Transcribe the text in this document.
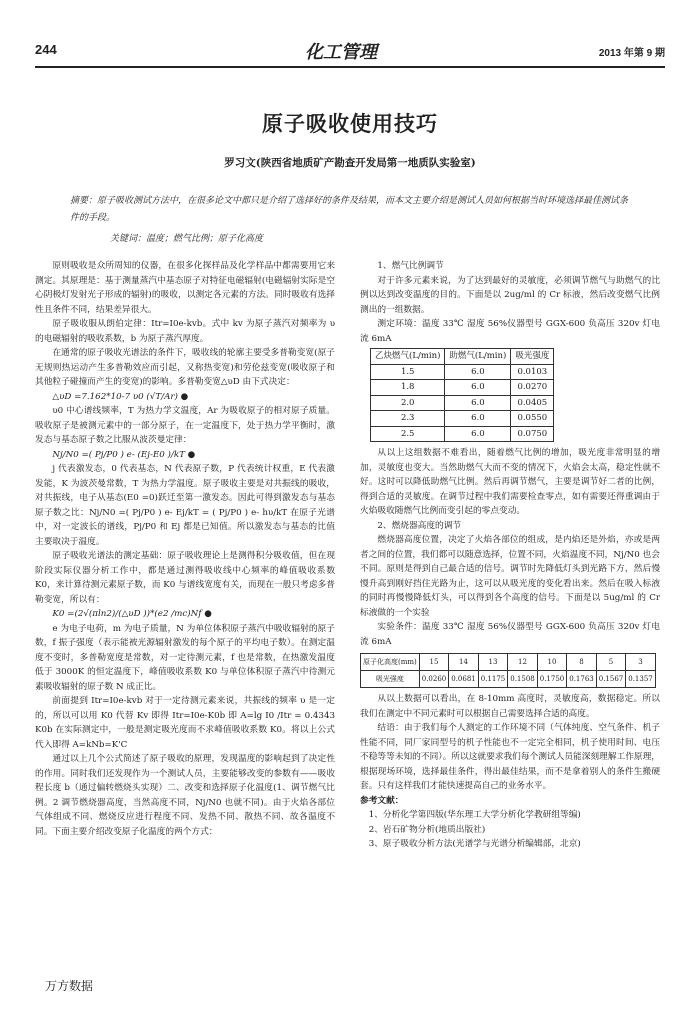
244	化工管理	2013 年第 9 期
原子吸收使用技巧
罗习文(陕西省地质矿产勘查开发局第一地质队实验室)
摘要：原子吸收测试方法中，在很多论文中都只是介绍了选择好的条件及结果，而本文主要介绍是测试人员如何根据当时环境选择最佳测试条件的手段。
关键词：温度；燃气比例；原子化高度

原则吸收是众所周知的仪器，在很多化探样品及化学样品中都需要用它来测定。其原理是：基于测量蒸汽中基态原子对特征电磁辐射(电磁辐射实际是空心阴极灯发射光子形成的辐射)的吸收，以测定各元素的方法。同时吸收有选择性且条件不同，结果差异很大。

原子吸收服从朗伯定律：Itr=I0e-kvb。式中 kv 为原子蒸汽对频率为 υ 的电磁辐射的吸收系数，b 为原子蒸汽厚度。

在通常的原子吸收光谱法的条件下，吸收线的轮廓主要受多普勒变宽(原子无规则热运动产生多普勒效应而引起，又称热变宽)和劳伦兹变宽(吸收原子和其他粒子碰撞而产生的变宽)的影响。多普勒变宽△υD 由下式决定：

△υD =7.162*10-7 υ0 (√T/Ar) ●

υ0 中心谱线频率，T 为热力学文温度，Ar 为吸收原子的相对原子质量。吸收原子是被测元素中的一部分原子，在一定温度下，处于热力学平衡时，激发态与基态原子数之比服从波茨曼定律：

Nj/N0 =( Pj/P0 ) e- (Ej-E0 )/kT ●

j 代表激发态，0 代表基态，N 代表原子数，P 代表统计权重，E 代表激发能，K 为波茨曼常数，T 为热力学温度。原子吸收主要是对共振线的吸收，对共振线，电子从基态(E0 =0)跃迁至第一激发态。因此可得到激发态与基态原子数之比：Nj/N0 =( Pj/P0 ) e- Ej/kT = ( Pj/P0 ) e- hυ/kT 在原子光谱中，对一定波长的谱线，Pj/P0 和 Ej 都是已知值。所以激发态与基态的比值主要取决于温度。

原子吸收光谱法的测定基础：原子吸收理论上是测得积分吸收值，但在现阶段实际仪器分析工作中，都是通过测得吸收线中心频率的峰值吸收系数 K0，来计算待测元素原子数，而 K0 与谱线宽度有关，而现在一般只考虑多普勒变宽，所以有：

K0 =(2√(πln2)/(△υD ))*(e2 /mc)Nf ●

e 为电子电荷，m 为电子质量，N 为单位体积原子蒸汽中吸收辐射的原子数，f 振子强度（表示能被光源辐射激发的每个原子的平均电子数）。在测定温度不变时，多普勒宽度是常数，对一定待测元素，f 也是常数，在热激发温度低于 3000K 的恒定温度下，峰值吸收系数 K0 与单位体积原子蒸汽中待测元素吸收辐射的原子数 N 成正比。

前面提到 Itr=I0e-kvb 对于一定待测元素来说，共振线的频率 υ 是一定的，所以可以用 K0 代替 Kv 即得 Itr=I0e-K0b 即 A=lg I0 /Itr = 0.4343 K0b 在实际测定中，一般是测定吸光度而不求峰值吸收系数 K0。将以上公式代入即得 A=kNb=K'C

通过以上几个公式简述了原子吸收的原理，发现温度的影响起到了决定性的作用。同时我们还发现作为一个测试人员，主要能够改变的参数有——吸收程长度 b（通过偏转燃烧头实现）二、改变和选择原子化温度(1、调节燃气比例。2 调节燃烧器高度，当然高度不同，Nj/N0 也就不同)。由于火焰各部位气体组成不同、燃烧反应进行程度不同、发热不同、散热不同、故各温度不同。下面主要介绍改变原子化温度的两个方式：

1、燃气比例调节

对于许多元素来说，为了达到最好的灵敏度，必须调节燃气与助燃气的比例以达到改变温度的目的。下面是以 2ug/ml 的 Cr 标液，然后改变燃气比例测出的一组数据。

测定环境：温度 33℃ 湿度 56%仪器型号 GGX-600 负高压 320v 灯电流 6mA

乙炔燃气(L/min)	助燃气(L/min)	吸光强度
1.5	6.0	0.0103
1.8	6.0	0.0270
2.0	6.0	0.0405
2.3	6.0	0.0550
2.5	6.0	0.0750

从以上这组数据不难看出，随着燃气比例的增加，吸光度非常明显的增加，灵敏度也变大。当然助燃气大而不变的情况下，火焰会太高，稳定性就不好。这时可以降低助燃气比例。然后再调节燃气，主要是调节好二者的比例，得到合适的灵敏度。在调节过程中我们需要检查零点，如有需要还得重调由于火焰吸收随燃气比例而变引起的零点变动。

2、燃烧器高度的调节

燃烧器高度位置，决定了火焰各部位的组成，是内焰还是外焰，亦或是两者之间的位置，我们都可以随意选择，位置不同，火焰温度不同，Nj/N0 也会不同。原则是得到自己最合适的信号。调节时先降低灯头到光路下方，然后慢慢升高到刚好挡住光路为止，这可以从吸光度的变化看出来。然后在吸入标液的同时再慢慢降低灯头，可以得到各个高度的信号。下面是以 5ug/ml 的 Cr 标液做的一个实验

实验条件：温度 33℃ 湿度 56%仪器型号 GGX-600 负高压 320v 灯电流 6mA

原子化高度(mm)	15	14	13	12	10	8	5	3
吸光强度	0.0260	0.0681	0.1175	0.1508	0.1750	0.1763	0.1567	0.1357

从以上数据可以看出，在 8-10mm 高度时，灵敏度高，数据稳定。所以我们在测定中不同元素时可以根据自己需要选择合适的高度。

结语：由于我们每个人测定的工作环境不同（气体纯度、空气条件、机子性能不同，同厂家同型号的机子性能也不一定完全相同，机子使用时间、电压不稳等等未知的不同）。所以这就要求我们每个测试人员能深刻理解工作原理，根据现场环境，选择最佳条件，得出最佳结果，而不是拿着别人的条件生搬硬套。只有这样我们才能快速提高自己的业务水平。

参考文献：

1、分析化学第四版(华东理工大学分析化学教研组等编)

2、岩石矿物分析(地质出版社)

3、原子吸收分析方法(光谱学与光谱分析编辑部，北京)

万方数据
